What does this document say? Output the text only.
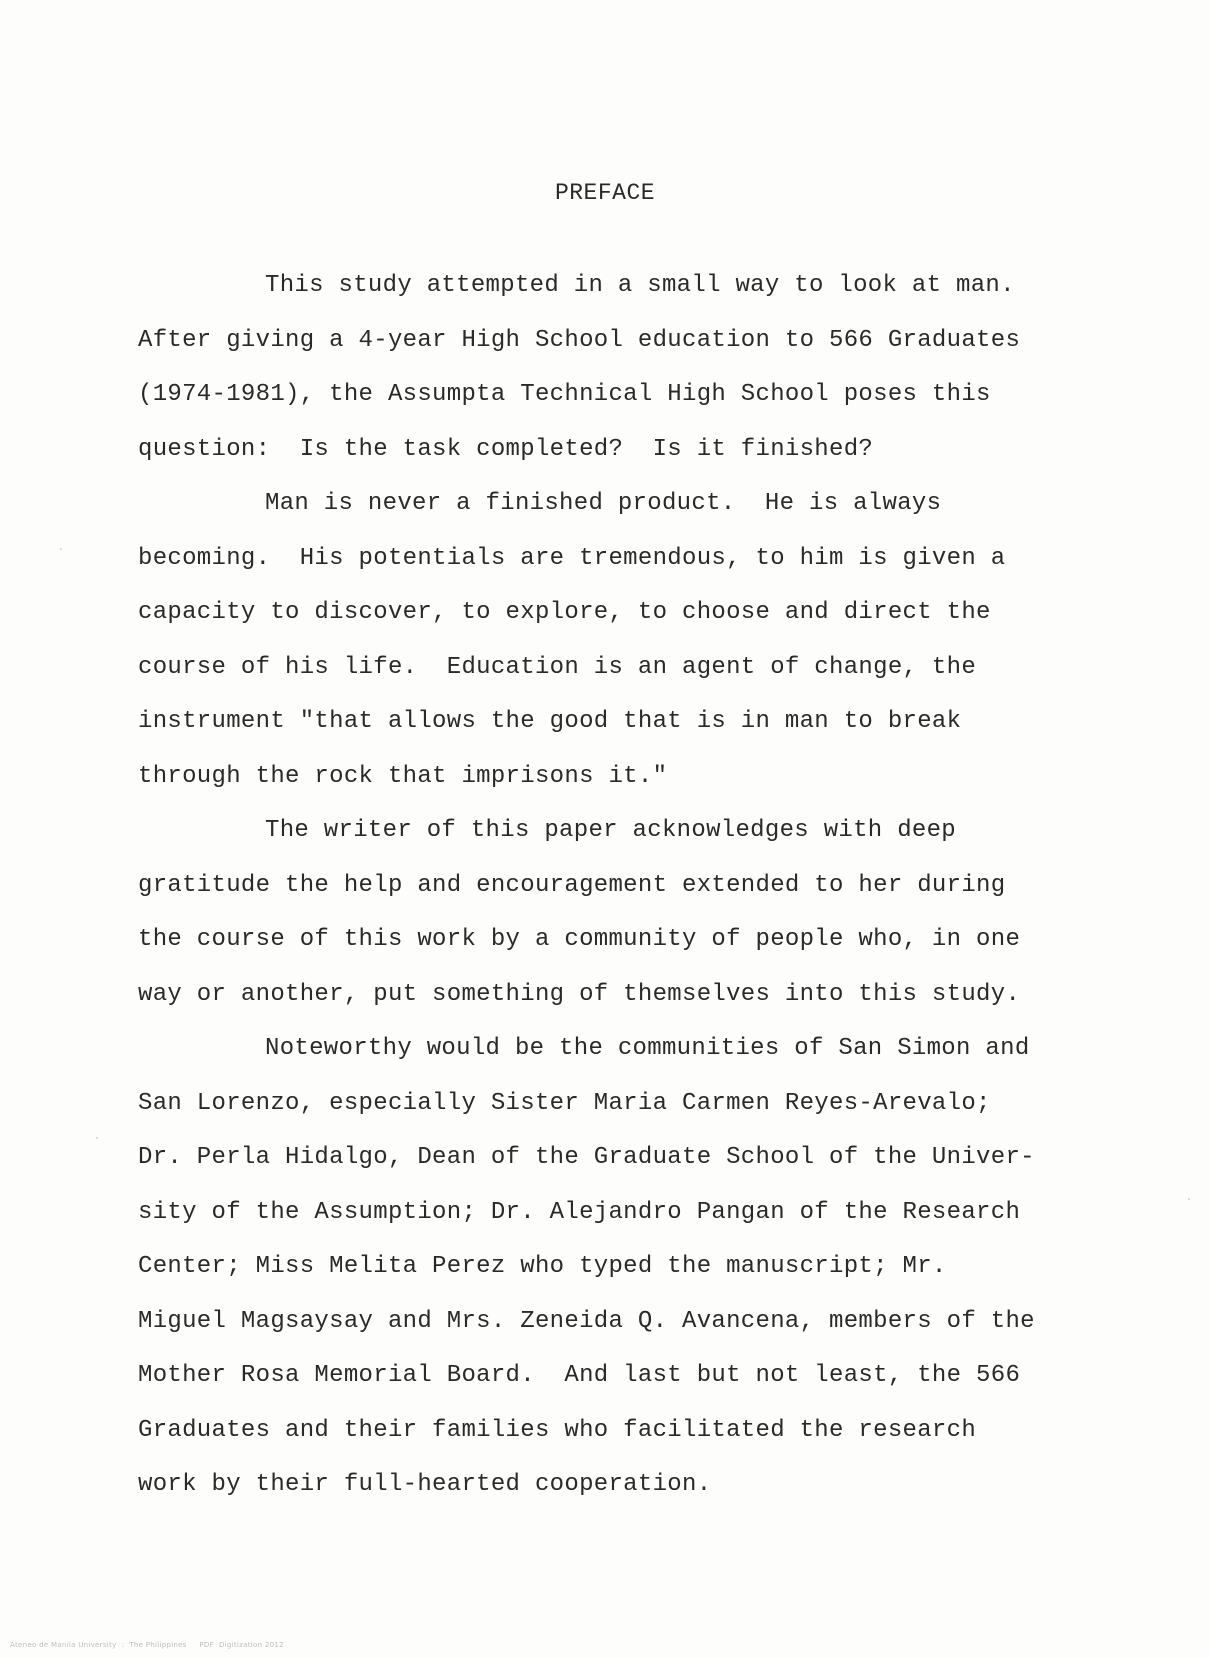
PREFACE
This study attempted in a small way to look at man.
After giving a 4-year High School education to 566 Graduates
(1974-1981), the Assumpta Technical High School poses this
question:  Is the task completed?  Is it finished?
Man is never a finished product.  He is always
becoming.  His potentials are tremendous, to him is given a
capacity to discover, to explore, to choose and direct the
course of his life.  Education is an agent of change, the
instrument "that allows the good that is in man to break
through the rock that imprisons it."
The writer of this paper acknowledges with deep
gratitude the help and encouragement extended to her during
the course of this work by a community of people who, in one
way or another, put something of themselves into this study.
Noteworthy would be the communities of San Simon and
San Lorenzo, especially Sister Maria Carmen Reyes-Arevalo;
Dr. Perla Hidalgo, Dean of the Graduate School of the Univer-
sity of the Assumption; Dr. Alejandro Pangan of the Research
Center; Miss Melita Perez who typed the manuscript; Mr.
Miguel Magsaysay and Mrs. Zeneida Q. Avancena, members of the
Mother Rosa Memorial Board.  And last but not least, the 566
Graduates and their families who facilitated the research
work by their full-hearted cooperation.
Ateneo de Manila University  :  The Philippines     PDF  Digitization 2012
